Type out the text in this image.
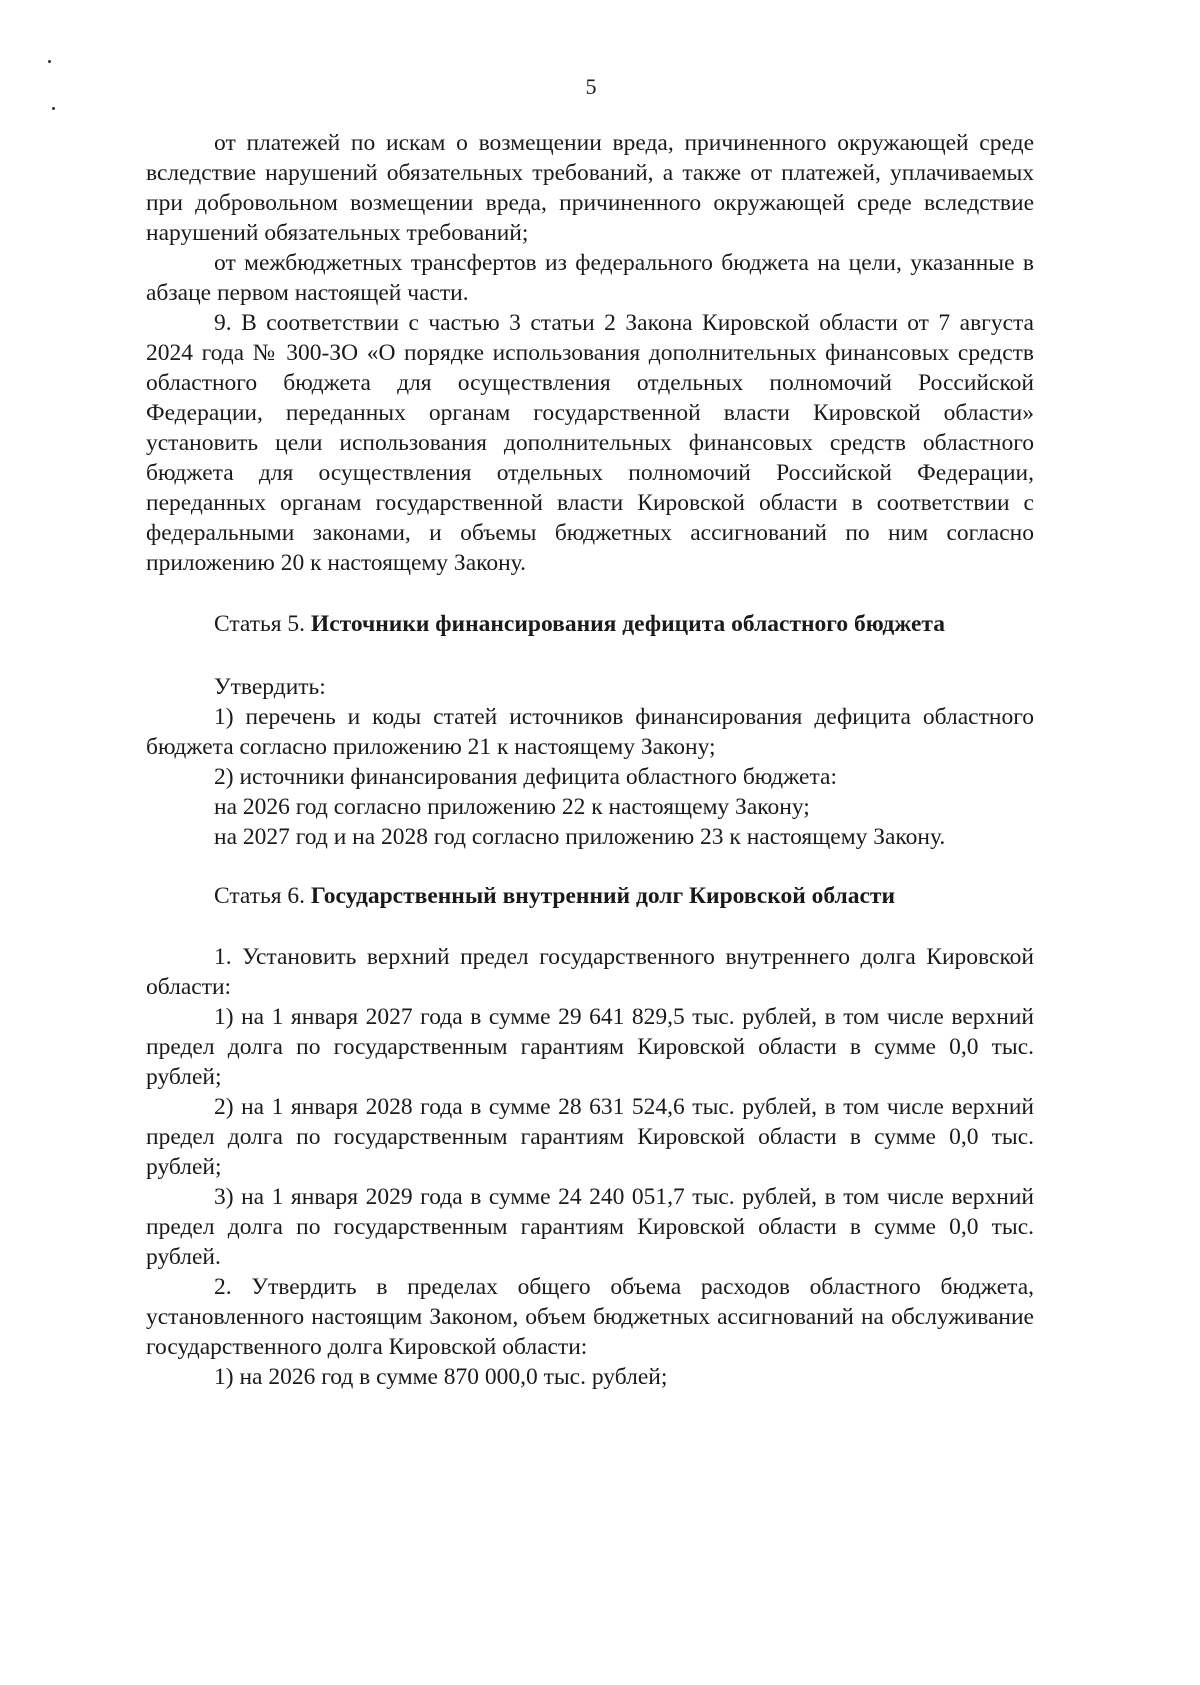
5

от платежей по искам о возмещении вреда, причиненного окружающей среде вследствие нарушений обязательных требований, а также от платежей, уплачиваемых при добровольном возмещении вреда, причиненного окружающей среде вследствие нарушений обязательных требований;

от межбюджетных трансфертов из федерального бюджета на цели, указанные в абзаце первом настоящей части.

9. В соответствии с частью 3 статьи 2 Закона Кировской области от 7 августа 2024 года № 300-ЗО «О порядке использования дополнительных финансовых средств областного бюджета для осуществления отдельных полномочий Российской Федерации, переданных органам государственной власти Кировской области» установить цели использования дополнительных финансовых средств областного бюджета для осуществления отдельных полномочий Российской Федерации, переданных органам государственной власти Кировской области в соответствии с федеральными законами, и объемы бюджетных ассигнований по ним согласно приложению 20 к настоящему Закону.

Статья 5. Источники финансирования дефицита областного бюджета

Утвердить:

1) перечень и коды статей источников финансирования дефицита областного бюджета согласно приложению 21 к настоящему Закону;

2) источники финансирования дефицита областного бюджета:

на 2026 год согласно приложению 22 к настоящему Закону;

на 2027 год и на 2028 год согласно приложению 23 к настоящему Закону.

Статья 6. Государственный внутренний долг Кировской области

1. Установить верхний предел государственного внутреннего долга Кировской области:

1) на 1 января 2027 года в сумме 29 641 829,5 тыс. рублей, в том числе верхний предел долга по государственным гарантиям Кировской области в сумме 0,0 тыс. рублей;

2) на 1 января 2028 года в сумме 28 631 524,6 тыс. рублей, в том числе верхний предел долга по государственным гарантиям Кировской области в сумме 0,0 тыс. рублей;

3) на 1 января 2029 года в сумме 24 240 051,7 тыс. рублей, в том числе верхний предел долга по государственным гарантиям Кировской области в сумме 0,0 тыс. рублей.

2. Утвердить в пределах общего объема расходов областного бюджета, установленного настоящим Законом, объем бюджетных ассигнований на обслуживание государственного долга Кировской области:

1) на 2026 год в сумме 870 000,0 тыс. рублей;
